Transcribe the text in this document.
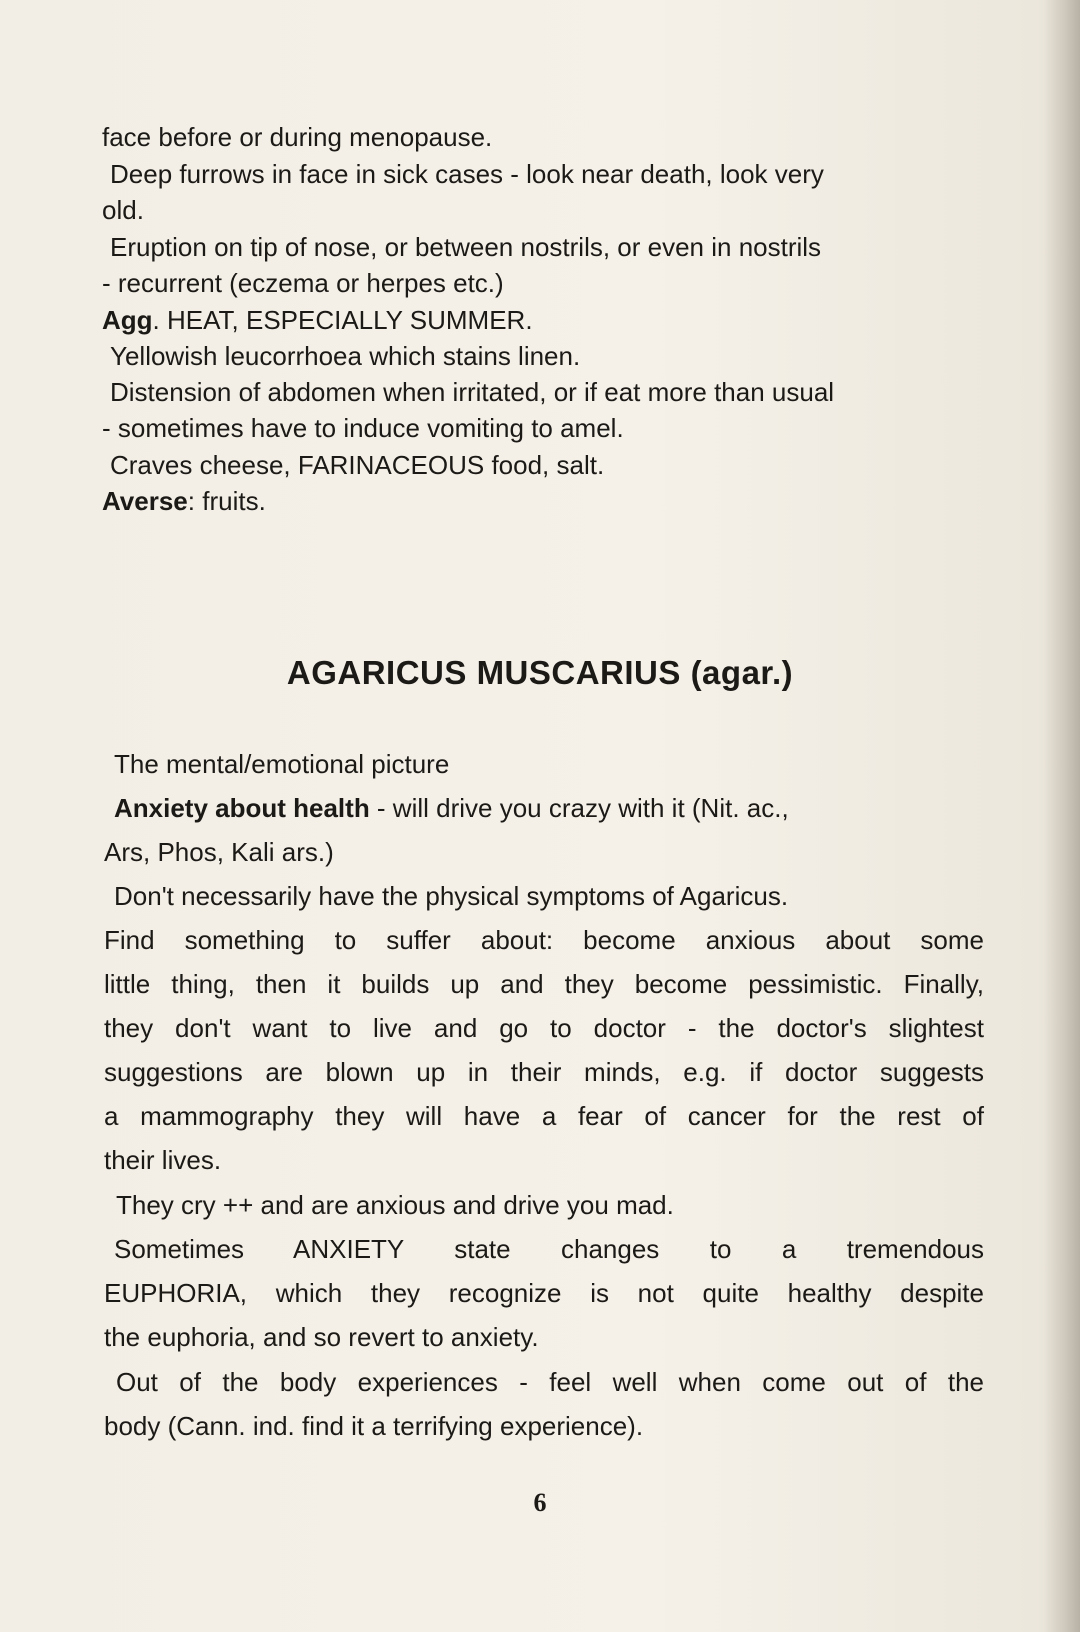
face before or during menopause.
Deep furrows in face in sick cases - look near death, look very
old.
Eruption on tip of nose, or between nostrils, or even in nostrils
- recurrent (eczema or herpes etc.)
Agg. HEAT, ESPECIALLY SUMMER.
Yellowish leucorrhoea which stains linen.
Distension of abdomen when irritated, or if eat more than usual
- sometimes have to induce vomiting to amel.
Craves cheese, FARINACEOUS food, salt.
Averse: fruits.
AGARICUS MUSCARIUS (agar.)
The mental/emotional picture
Anxiety about health - will drive you crazy with it (Nit. ac.,
Ars, Phos, Kali ars.)
Don't necessarily have the physical symptoms of Agaricus.
Find something to suffer about: become anxious about some
little thing, then it builds up and they become pessimistic. Finally,
they don't want to live and go to doctor - the doctor's slightest
suggestions are blown up in their minds, e.g. if doctor suggests
a mammography they will have a fear of cancer for the rest of
their lives.
They cry ++ and are anxious and drive you mad.
Sometimes ANXIETY state changes to a tremendous
EUPHORIA, which they recognize is not quite healthy despite
the euphoria, and so revert to anxiety.
Out of the body experiences - feel well when come out of the
body (Cann. ind. find it a terrifying experience).
6
